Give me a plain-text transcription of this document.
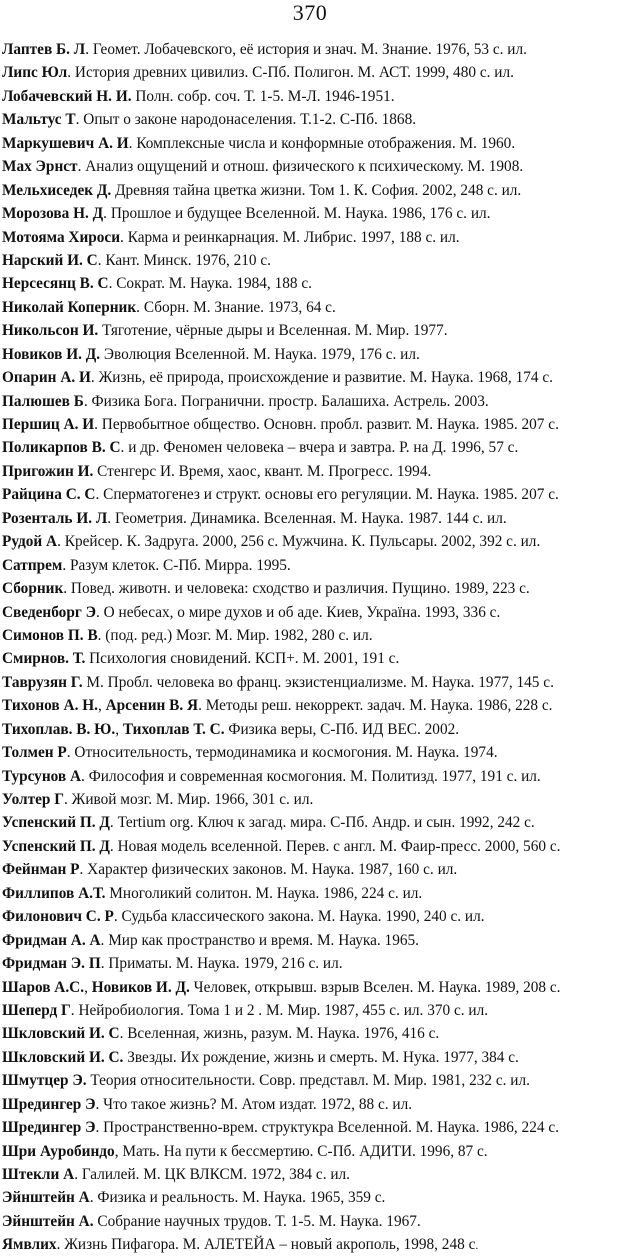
370
Лаптев Б. Л. Геомет. Лобачевского, её история и знач. М. Знание. 1976, 53 с. ил.
Липс Юл. История древних цивилиз. С-Пб. Полигон. М. АСТ. 1999, 480 с. ил.
Лобачевский Н. И. Полн. собр. соч. Т. 1-5. М-Л. 1946-1951.
Мальтус Т. Опыт о законе народонаселения. Т.1-2. С-Пб. 1868.
Маркушевич А. И. Комплексные числа и конформные отображения. М. 1960.
Мах Эрнст. Анализ ощущений и отнош. физического к психическому. М. 1908.
Мельхиседек Д. Древняя тайна цветка жизни. Том 1. К. София. 2002, 248 с. ил.
Морозова Н. Д. Прошлое и будущее Вселенной. М. Наука. 1986, 176 с. ил.
Мотояма Хироси. Карма и реинкарнация. М. Либрис. 1997, 188 с. ил.
Нарский И. С. Кант. Минск. 1976, 210 с.
Нерсесянц В. С. Сократ. М. Наука. 1984, 188 с.
Николай Коперник. Сборн. М. Знание. 1973, 64 с.
Никольсон И. Тяготение, чёрные дыры и Вселенная. М. Мир. 1977.
Новиков И. Д. Эволюция Вселенной. М. Наука. 1979, 176 с. ил.
Опарин А. И. Жизнь, её природа, происхождение и развитие. М. Наука. 1968, 174 с.
Палюшев Б. Физика Бога. Погранични. простр. Балашиха. Астрель. 2003.
Першиц А. И. Первобытное общество. Основн. пробл. развит. М. Наука. 1985. 207 с.
Поликарпов В. С. и др. Феномен человека – вчера и завтра. Р. на Д. 1996, 57 с.
Пригожин И. Стенгерс И. Время, хаос, квант. М. Прогресс. 1994.
Райцина С. С. Сперматогенез и структ. основы его регуляции. М. Наука. 1985. 207 с.
Розенталь И. Л. Геометрия. Динамика. Вселенная. М. Наука. 1987. 144 с. ил.
Рудой А. Крейсер. К. Задруга. 2000, 256 с. Мужчина. К. Пульсары. 2002, 392 с. ил.
Сатпрем. Разум клеток. С-Пб. Мирра. 1995.
Сборник. Повед. животн. и человека: сходство и различия. Пущино. 1989, 223 с.
Сведенборг Э. О небесах, о мире духов и об аде. Киев, Україна. 1993, 336 с.
Симонов П. В. (под. ред.) Мозг. М. Мир. 1982, 280 с. ил.
Смирнов. Т. Психология сновидений. КСП+. М. 2001, 191 с.
Таврузян Г. М. Пробл. человека во франц. экзистенциализме. М. Наука. 1977, 145 с.
Тихонов А. Н., Арсенин В. Я. Методы реш. некоррект. задач. М. Наука. 1986, 228 с.
Тихоплав. В. Ю., Тихоплав Т. С. Физика веры, С-Пб. ИД ВЕС. 2002.
Толмен Р. Относительность, термодинамика и космогония. М. Наука. 1974.
Турсунов А. Философия и современная космогония. М. Политизд. 1977, 191 с. ил.
Уолтер Г. Живой мозг. М. Мир. 1966, 301 с. ил.
Успенский П. Д. Tertium org. Ключ к загад. мира. С-Пб. Андр. и сын. 1992, 242 с.
Успенский П. Д. Новая модель вселенной. Перев. с англ. М. Фаир-пресс. 2000, 560 с.
Фейнман Р. Характер физических законов. М. Наука. 1987, 160 с. ил.
Филлипов А.Т. Многоликий солитон. М. Наука. 1986, 224 с. ил.
Филонович С. Р. Судьба классического закона. М. Наука. 1990, 240 с. ил.
Фридман А. А. Мир как пространство и время. М. Наука. 1965.
Фридман Э. П. Приматы. М. Наука. 1979, 216 с. ил.
Шаров А.С., Новиков И. Д. Человек, открывш. взрыв Вселен. М. Наука. 1989, 208 с.
Шеперд Г. Нейробиология. Тома 1 и 2 . М. Мир. 1987, 455 с. ил. 370 с. ил.
Шкловский И. С. Вселенная, жизнь, разум. М. Наука. 1976, 416 с.
Шкловский И. С. Звезды. Их рождение, жизнь и смерть. М. Нука. 1977, 384 с.
Шмутцер Э. Теория относительности. Совр. представл. М. Мир. 1981, 232 с. ил.
Шредингер Э. Что такое жизнь? М. Атом издат. 1972, 88 с. ил.
Шредингер Э. Пространственно-врем. структукра Вселенной. М. Наука. 1986, 224 с.
Шри Ауробиндо, Мать. На пути к бессмертию. С-Пб. АДИТИ. 1996, 87 с.
Штекли А. Галилей. М. ЦК ВЛКСМ. 1972, 384 с. ил.
Эйнштейн А. Физика и реальность. М. Наука. 1965, 359 с.
Эйнштейн А. Собрание научных трудов. Т. 1-5. М. Наука. 1967.
Ямвлих. Жизнь Пифагора. М. АЛЕТЕЙА – новый акрополь, 1998, 248 с.
